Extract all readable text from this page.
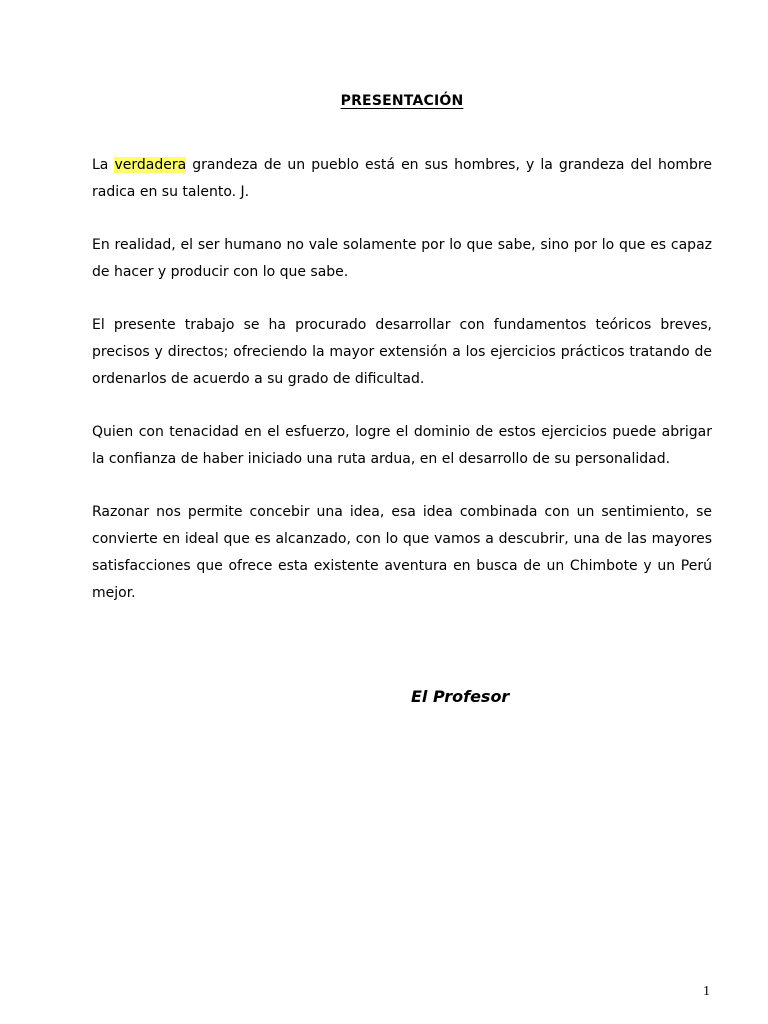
PRESENTACIÓN

La verdadera grandeza de un pueblo está en sus hombres, y la grandeza del hombre radica en su talento. J.

En realidad, el ser humano no vale solamente por lo que sabe, sino por lo que es capaz de hacer y producir con lo que sabe.

El presente trabajo se ha procurado desarrollar con fundamentos teóricos breves, precisos y directos; ofreciendo la mayor extensión a los ejercicios prácticos tratando de ordenarlos de acuerdo a su grado de dificultad.

Quien con tenacidad en el esfuerzo, logre el dominio de estos ejercicios puede abrigar la confianza de haber iniciado una ruta ardua, en el desarrollo de su personalidad.

Razonar nos permite concebir una idea, esa idea combinada con un sentimiento, se convierte en ideal que es alcanzado, con lo que vamos a descubrir, una de las mayores satisfacciones que ofrece esta existente aventura en busca de un Chimbote y un Perú mejor.

El Profesor
1
